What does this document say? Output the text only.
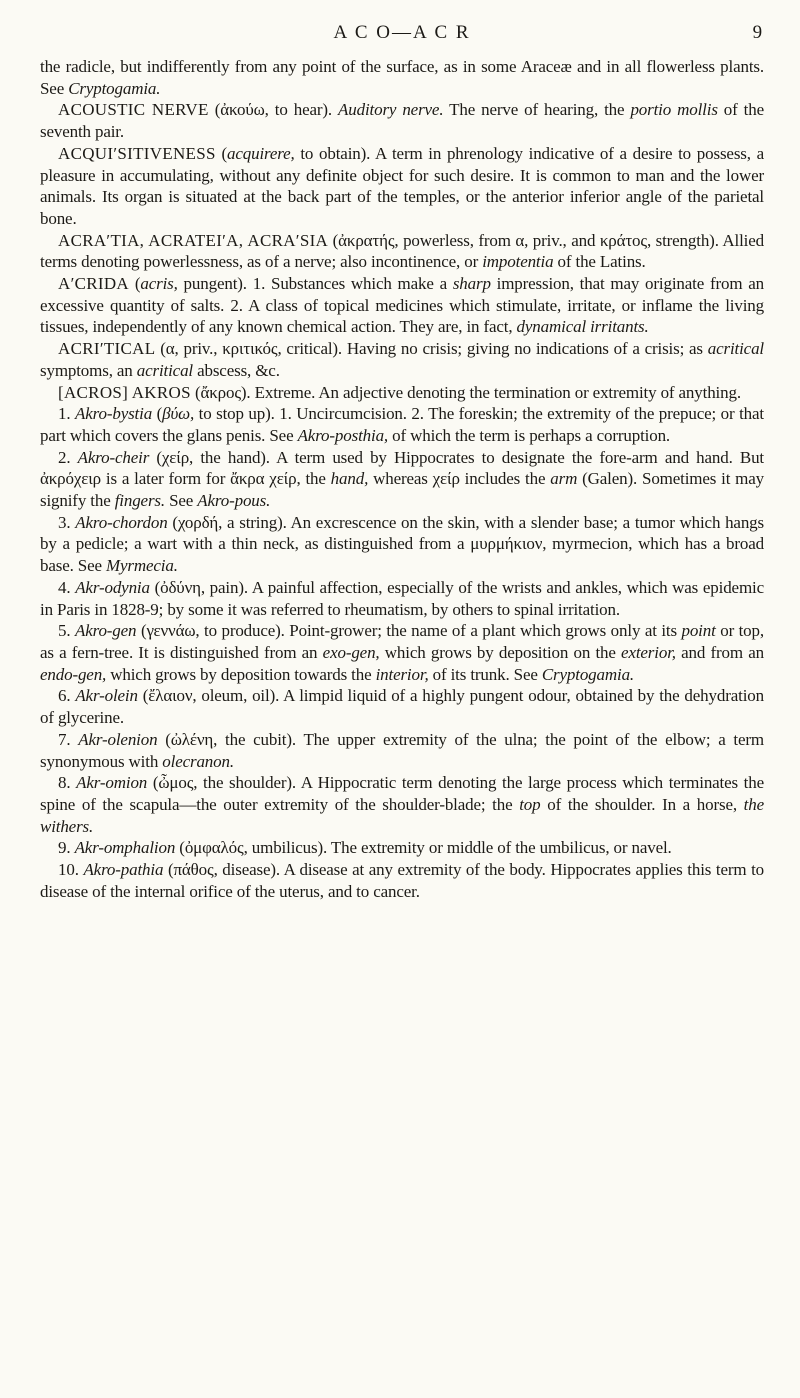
A C O—A C R	9

the radicle, but indifferently from any point of the surface, as in some Araceæ and in all flowerless plants. See Cryptogamia.

ACOUSTIC NERVE (ἀκούω, to hear). Auditory nerve. The nerve of hearing, the portio mollis of the seventh pair.

ACQUI′SITIVENESS (acquirere, to obtain). A term in phrenology indicative of a desire to possess, a pleasure in accumulating, without any definite object for such desire. It is common to man and the lower animals. Its organ is situated at the back part of the temples, or the anterior inferior angle of the parietal bone.

ACRA′TIA, ACRATEI′A, ACRA′SIA (ἀκρατής, powerless, from α, priv., and κράτος, strength). Allied terms denoting powerlessness, as of a nerve; also incontinence, or impotentia of the Latins.

A′CRIDA (acris, pungent). 1. Substances which make a sharp impression, that may originate from an excessive quantity of salts. 2. A class of topical medicines which stimulate, irritate, or inflame the living tissues, independently of any known chemical action. They are, in fact, dynamical irritants.

ACRI′TICAL (α, priv., κριτικός, critical). Having no crisis; giving no indications of a crisis; as acritical symptoms, an acritical abscess, &c.

[ACROS] AKROS (ἄκρος). Extreme. An adjective denoting the termination or extremity of anything.

1. Akro-bystia (βύω, to stop up). 1. Uncircumcision. 2. The foreskin; the extremity of the prepuce; or that part which covers the glans penis. See Akro-posthia, of which the term is perhaps a corruption.

2. Akro-cheir (χείρ, the hand). A term used by Hippocrates to designate the fore-arm and hand. But ἀκρόχειρ is a later form for ἄκρα χείρ, the hand, whereas χείρ includes the arm (Galen). Sometimes it may signify the fingers. See Akro-pous.

3. Akro-chordon (χορδή, a string). An excrescence on the skin, with a slender base; a tumor which hangs by a pedicle; a wart with a thin neck, as distinguished from a μυρμήκιον, myrmecion, which has a broad base. See Myrmecia.

4. Akr-odynia (ὀδύνη, pain). A painful affection, especially of the wrists and ankles, which was epidemic in Paris in 1828-9; by some it was referred to rheumatism, by others to spinal irritation.

5. Akro-gen (γεννάω, to produce). Point-grower; the name of a plant which grows only at its point or top, as a fern-tree. It is distinguished from an exo-gen, which grows by deposition on the exterior, and from an endo-gen, which grows by deposition towards the interior, of its trunk. See Cryptogamia.

6. Akr-olein (ἔλαιον, oleum, oil). A limpid liquid of a highly pungent odour, obtained by the dehydration of glycerine.

7. Akr-olenion (ὠλένη, the cubit). The upper extremity of the ulna; the point of the elbow; a term synonymous with olecranon.

8. Akr-omion (ὦμος, the shoulder). A Hippocratic term denoting the large process which terminates the spine of the scapula—the outer extremity of the shoulder-blade; the top of the shoulder. In a horse, the withers.

9. Akr-omphalion (ὀμφαλός, umbilicus). The extremity or middle of the umbilicus, or navel.

10. Akro-pathia (πάθος, disease). A disease at any extremity of the body. Hippocrates applies this term to disease of the internal orifice of the uterus, and to cancer.
